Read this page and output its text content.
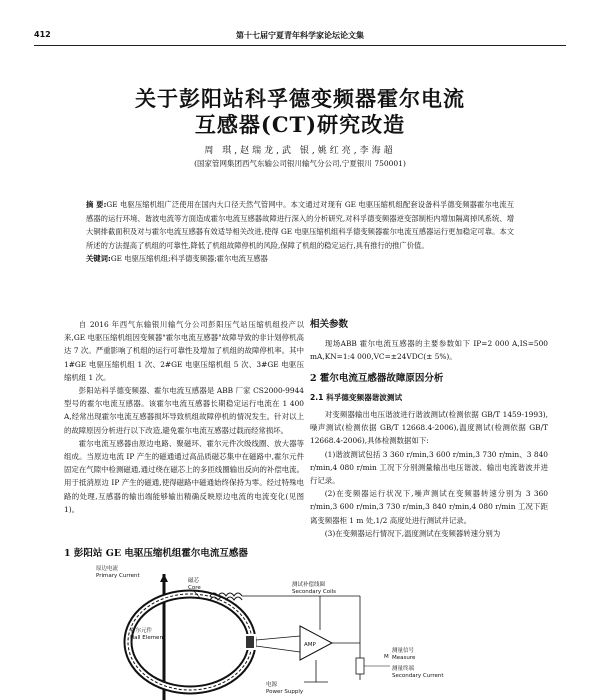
412	第十七届宁夏青年科学家论坛论文集
关于彭阳站科孚德变频器霍尔电流
互感器(CT)研究改造
周 琪,赵瑞龙,武 银,姚红亮,李海超
(国家管网集团西气东输公司银川输气分公司,宁夏银川 750001)
摘 要:GE 电驱压缩机组广泛使用在国内大口径天然气管网中。本文通过对现有 GE 电驱压缩机组配套设备科孚德变频器霍尔电流互感器的运行环境、谐波电流等方面造成霍尔电流互感器故障进行深入的分析研究,对科孚德变频器逆变部制柜内增加隔离掉风系统、增大铜排截面积及对与霍尔电流互感器有效适导相关改进,使得 GE 电驱压缩机组科孚德变频器霍尔电流互感器运行更加稳定可靠。本文所述的方法提高了机组的可靠性,降低了机组故障停机的风险,保障了机组的稳定运行,具有推行的推广价值。
关键词:GE 电驱压缩机组;科孚德变频器;霍尔电流互感器

自 2016 年西气东输银川输气分公司彭阳压气站压缩机组投产以来,GE 电驱压缩机组因变频器"霍尔电流互感器"故障导致的非计划停机高达 7 次。严重影响了机组的运行可靠性及增加了机组的故障停机率。其中 1#GE 电驱压缩机组 1 次、2#GE 电驱压缩机组 5 次、3#GE 电驱压缩机组 1 次。

彭阳站科孚德变频器、霍尔电流互感器是 ABB 厂家 CS2000-9944 型号的霍尔电流互感器。该霍尔电流互感器长期稳定运行电流在 1 400 A,经常出现霍尔电流互感器损坏导致机组故障停机的情况发生。针对以上的故障原因分析进行以下改造,避免霍尔电流互感器过载而经常损坏。

霍尔电流互感器由原边电路、聚磁环、霍尔元件次级线圈、放大器等组成。当原边电流 IP 产生的磁通通过高品质磁芯集中在磁路中,霍尔元件固定在气隙中检测磁通,通过绕在磁芯上的多匝线圈输出反向的补偿电流。用于抵消原边 IP 产生的磁通,使得磁路中磁通始终保持为零。经过特殊电路的处理,互感器的输出端能够输出精确反映原边电流的电流变化(见图 1)。

1 彭阳站 GE 电驱压缩机组霍尔电流互感器
相关参数

现场ABB 霍尔电流互感器的主要参数如下 IP=2 000 A,IS=500 mA,KN=1:4 000,VC=±24VDC(± 5%)。

2 霍尔电流互感器故障原因分析
2.1 科孚德变频器谐波测试

对变频器输出电压谐波进行谐波测试(检测依据 GB/T 1459-1993),噪声测试(检测依据 GB/T 12668.4-2006),温度测试(检测依据 GB/T 12668.4-2006),具体检测数据如下:

(1)谐波测试包括 3 360 r/min,3 600 r/min,3 730 r/min、3 840 r/min,4 080 r/min 工况下分别测量输出电压谐波、输出电流谐波并进行记录。

(2)在变频器运行状况下,噪声测试在变频器转速分别为 3 360 r/min,3 600 r/min,3 730 r/min,3 840 r/min,4 080 r/min 工况下距离变频器柜 1 m 处,1/2 高度处进行测试并记录。

(3)在变频器运行情况下,温度测试在变频器转速分别为

原边电流
Primary Current
磁芯
Core	测试补偿线圈
Secondary Coils
霍尔元件
Hall Element
AMP
M
测量信号
Measure
测量终端
Secondary Current
电源
Power Supply
